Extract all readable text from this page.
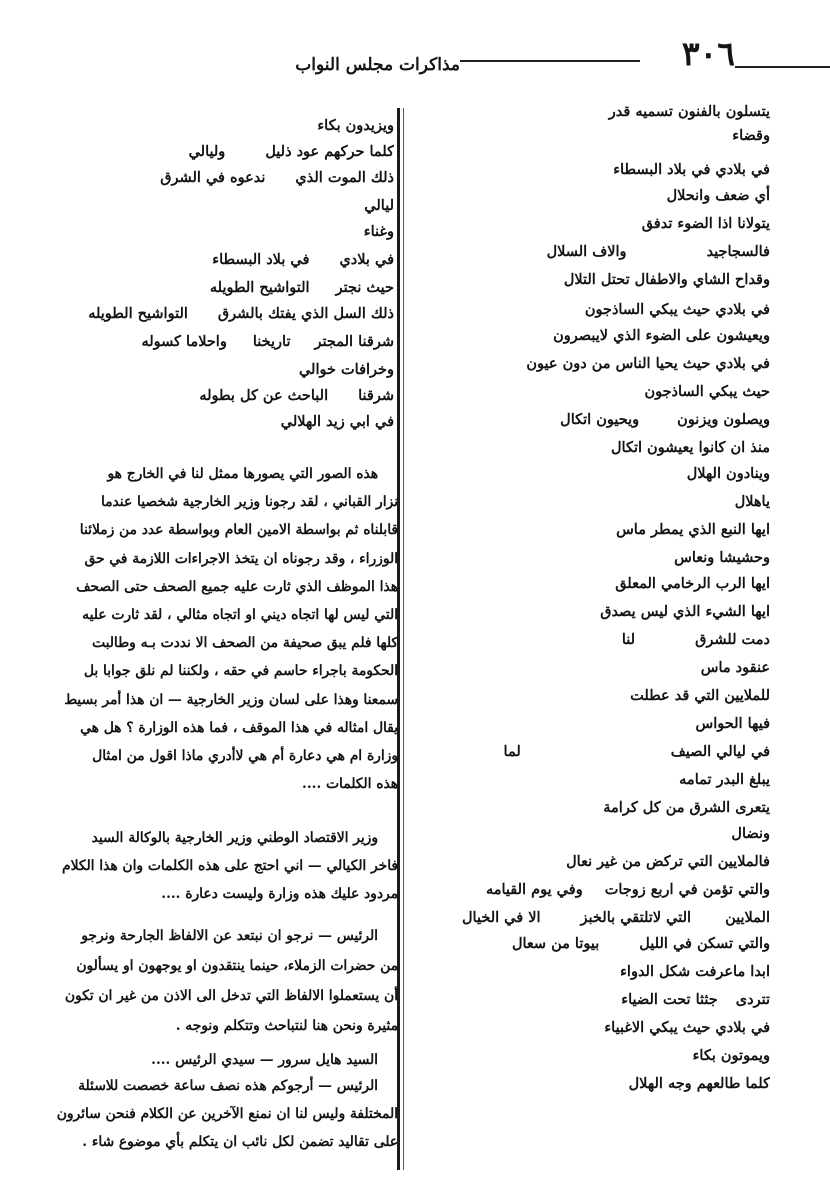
٣٠٦
مذاكرات مجلس النواب
يتسلون بالفنون تسميه قدر
وقضاء
في بلادي في بلاد البسطاء
أي ضعف وانحلال
يتولانا اذا الضوء تدفق
فالسجاجيدوالاف السلال
وقداح الشاي والاطفال تحتل التلال
في بلادي حيث يبكي الساذجون
ويعيشون على الضوء الذي لايبصرون
في بلادي حيث يحيا الناس من دون عيون
حيث يبكي الساذجون
ويصلون ويزنونويحيون اتكال
منذ ان كانوا يعيشون اتكال
وينادون الهلال
ياهلال
ايها النبع الذي يمطر ماس
وحشيشا ونعاس
ايها الرب الرخامي المعلق
ايها الشيء الذي ليس يصدق
دمت للشرقلنا
عنقود ماس
للملايين التي قد عطلت
فيها الحواس
في ليالي الصيفلما
يبلغ البدر تمامه
يتعرى الشرق من كل كرامة
ونضال
فالملايين التي تركض من غير نعال
والتي تؤمن في اربع زوجاتوفي يوم القيامه
الملايينالتي لاتلتقي بالخبزالا في الخيال
والتي تسكن في الليلبيوتا من سعال
ابدا ماعرفت شكل الدواء
تتردىجثثا تحت الضياء
في بلادي حيث يبكي الاغبياء
ويموتون بكاء
كلما طالعهم وجه الهلال
ويزيدون بكاء
كلما حركهم عود ذليلوليالي
ذلك الموت الذيندعوه في الشرق
ليالي
وغناء
في بلاديفي بلاد البسطاء
حيث نجترالتواشيح الطويله
ذلك السل الذي يفتك بالشرقالتواشيح الطويله
شرقنا المجترتاريخناواحلاما كسوله
وخرافات خوالي
شرقناالباحث عن كل بطوله
في ابي زيد الهلالي
هذه الصور التي يصورها ممثل لنا في الخارج هو
نزار القباني ، لقد رجونا وزير الخارجية شخصيا عندما
قابلناه ثم بواسطة الامين العام وبواسطة عدد من زملائنا
الوزراء ، وقد رجوناه ان يتخذ الاجراءات اللازمة في حق
هذا الموظف الذي ثارت عليه جميع الصحف حتى الصحف
التي ليس لها اتجاه ديني او اتجاه مثالي ، لقد ثارت عليه
كلها فلم يبق صحيفة من الصحف الا نددت بـه وطالبت
الحكومة باجراء حاسم في حقه ، ولكننا لم نلق جوابا بل
سمعنا وهذا على لسان وزير الخارجية — ان هذا أمر بسيط
يقال امثاله في هذا الموقف ، فما هذه الوزارة ؟ هل هي
وزارة ام هي دعارة أم هي لاأدري ماذا اقول من امثال
هذه الكلمات ....
وزير الاقتصاد الوطني وزير الخارجية بالوكالة السيد
فاخر الكيالي — اني احتج على هذه الكلمات وان هذا الكلام
مردود عليك هذه وزارة وليست دعارة ....
الرئيس — نرجو ان نبتعد عن الالفاظ الجارحة ونرجو
من حضرات الزملاء، حينما ينتقدون او يوجهون او يسألون
أن يستعملوا الالفاظ التي تدخل الى الاذن من غير ان تكون
مثيرة ونحن هنا لنتباحث وتتكلم ونوجه .
السيد هايل سرور — سيدي الرئيس ....
الرئيس — أرجوكم هذه نصف ساعة خصصت للاسئلة
المختلفة وليس لنا ان نمنع الآخرين عن الكلام فنحن سائرون
على تقاليد تضمن لكل نائب ان يتكلم بأي موضوع شاء .
